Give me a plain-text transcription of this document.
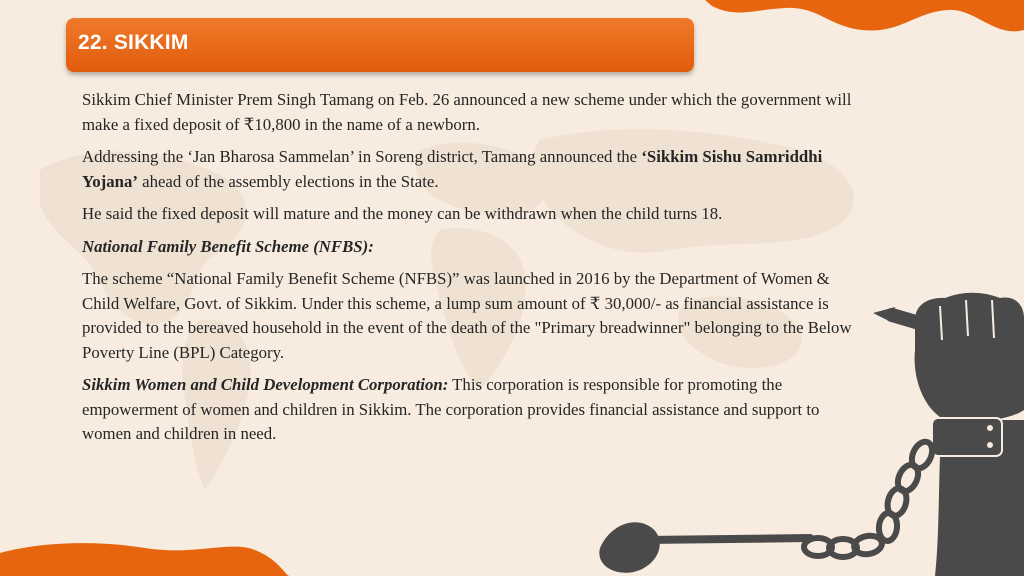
22. SIKKIM

Sikkim Chief Minister Prem Singh Tamang on Feb. 26 announced a new scheme under which the government will make a fixed deposit of ₹10,800 in the name of a newborn.

Addressing the ‘Jan Bharosa Sammelan’ in Soreng district, Tamang announced the ‘Sikkim Sishu Samriddhi Yojana’ ahead of the assembly elections in the State.

He said the fixed deposit will mature and the money can be withdrawn when the child turns 18.

National Family Benefit Scheme (NFBS):

The scheme “National Family Benefit Scheme (NFBS)” was launched in 2016 by the Department of Women & Child Welfare, Govt. of Sikkim. Under this scheme, a lump sum amount of ₹ 30,000/- as financial assistance is provided to the bereaved household in the event of the death of the "Primary breadwinner" belonging to the Below Poverty Line (BPL) Category.

Sikkim Women and Child Development Corporation: This corporation is responsible for promoting the empowerment of women and children in Sikkim. The corporation provides financial assistance and support to women and children in need.
